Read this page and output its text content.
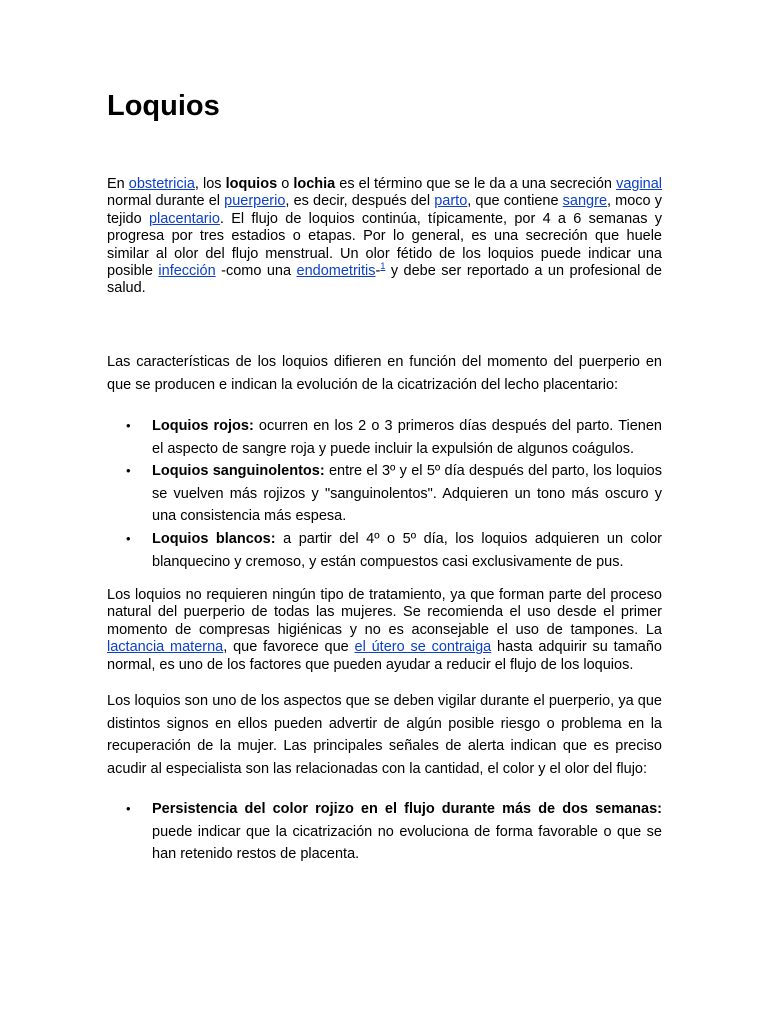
Loquios

En obstetricia, los loquios o lochia es el término que se le da a una secreción vaginal normal durante el puerperio, es decir, después del parto, que contiene sangre, moco y tejido placentario. El flujo de loquios continúa, típicamente, por 4 a 6 semanas y progresa por tres estadios o etapas. Por lo general, es una secreción que huele similar al olor del flujo menstrual. Un olor fétido de los loquios puede indicar una posible infección -como una endometritis-$^1$ y debe ser reportado a un profesional de salud.

Las características de los loquios difieren en función del momento del puerperio en que se producen e indican la evolución de la cicatrización del lecho placentario:

• Loquios rojos: ocurren en los 2 o 3 primeros días después del parto. Tienen el aspecto de sangre roja y puede incluir la expulsión de algunos coágulos.
• Loquios sanguinolentos: entre el 3º y el 5º día después del parto, los loquios se vuelven más rojizos y "sanguinolentos". Adquieren un tono más oscuro y una consistencia más espesa.
• Loquios blancos: a partir del 4º o 5º día, los loquios adquieren un color blanquecino y cremoso, y están compuestos casi exclusivamente de pus.

Los loquios no requieren ningún tipo de tratamiento, ya que forman parte del proceso natural del puerperio de todas las mujeres. Se recomienda el uso desde el primer momento de compresas higiénicas y no es aconsejable el uso de tampones. La lactancia materna, que favorece que el útero se contraiga hasta adquirir su tamaño normal, es uno de los factores que pueden ayudar a reducir el flujo de los loquios.

Los loquios son uno de los aspectos que se deben vigilar durante el puerperio, ya que distintos signos en ellos pueden advertir de algún posible riesgo o problema en la recuperación de la mujer. Las principales señales de alerta indican que es preciso acudir al especialista son las relacionadas con la cantidad, el color y el olor del flujo:

• Persistencia del color rojizo en el flujo durante más de dos semanas: puede indicar que la cicatrización no evoluciona de forma favorable o que se han retenido restos de placenta.
